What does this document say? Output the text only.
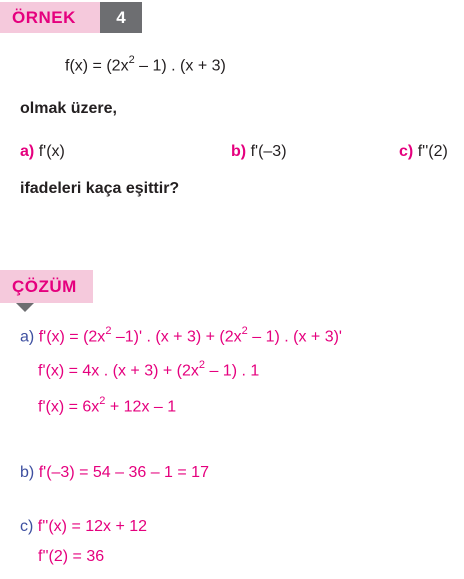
ÖRNEK	4
$f(x) = (2x^2 - 1)$ . (x + 3)
olmak üzere,
a) f'(x)	b) f'(–3)	c) f''(2)
ifadeleri kaça eşittir?
ÇÖZÜM
a) $f'(x) = (2x^2$ –1)' . $(x + 3) + (2x^2 - 1)$ . (x + 3)'
f'(x) = 4x . $(x + 3) + (2x^2 - 1)$ . 1
$f'(x) = 6x^2 + 12x - 1$
b) f'(–3) = 54 – 36 – 1 = 17
c) f''(x) = 12x + 12
f''(2) = 36
